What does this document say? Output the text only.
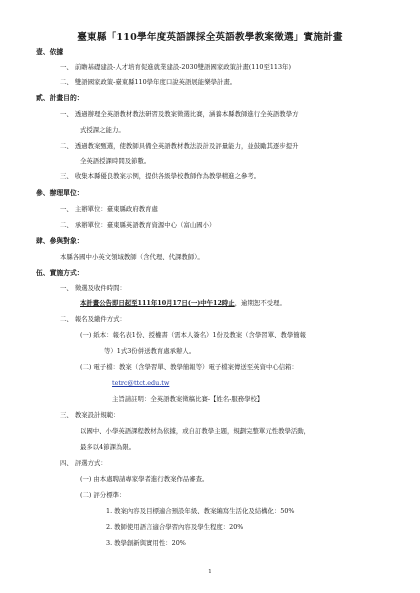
臺東縣「110學年度英語課採全英語教學教案徵選」實施計畫
壹、依據
一、 前瞻基礎建設-人才培育促進就業建設-2030雙語國家政策計畫(110至113年)
二、 雙語國家政策-臺東縣110學年度口說英語展能樂學計畫。
貳、計畫目的：
一、 透過辦理全英語教材教法研習及教案徵選比賽，涵養本縣教師進行全英語教學方
式授課之能力。
二、 透過教案甄選，使教師具備全英語教材教法設計及評量能力，並鼓勵其逐步提升
全英語授課時間及節數。
三、 收集本縣優良教案示例，提供各級學校教師作為教學精進之參考。
參、辦理單位：
一、 主辦單位：臺東縣政府教育處
二、 承辦單位：臺東縣英語教育資源中心（富山國小）
肆、參與對象：
本縣各國中小英文領域教師（含代理、代課教師）。
伍、實施方式：
一、 徵選及收件時間：
本計畫公告即日起至111年10月17日(一)中午12時止，逾期恕不受理。
二、 報名及繳件方式：
(一) 紙本：報名表1份、授權書（需本人簽名）1份及教案（含學習單、教學簡報
等）1式3份併送教育處承辦人。
(二) 電子檔：教案（含學習單、教學簡報等）電子檔案傳送至英資中心信箱：
tetrc@ttct.edu.tw
主旨請註明：全英語教案徵稿比賽-【姓名-服務學校】
三、 教案設計規範：
以國中、小學英語課程教材為依據，或自訂教學主題，規劃完整單元性教學活動，
最多以4節課為限。
四、 評選方式：
(一) 由本處聘請專家學者進行教案作品審查。
(二) 評分標準：
1. 教案內容及目標適合預設年級、教案編寫生活化及結構化：50%
2. 教師使用語言適合學習內容及學生程度：20%
3. 教學創新與實用性：20%
1
